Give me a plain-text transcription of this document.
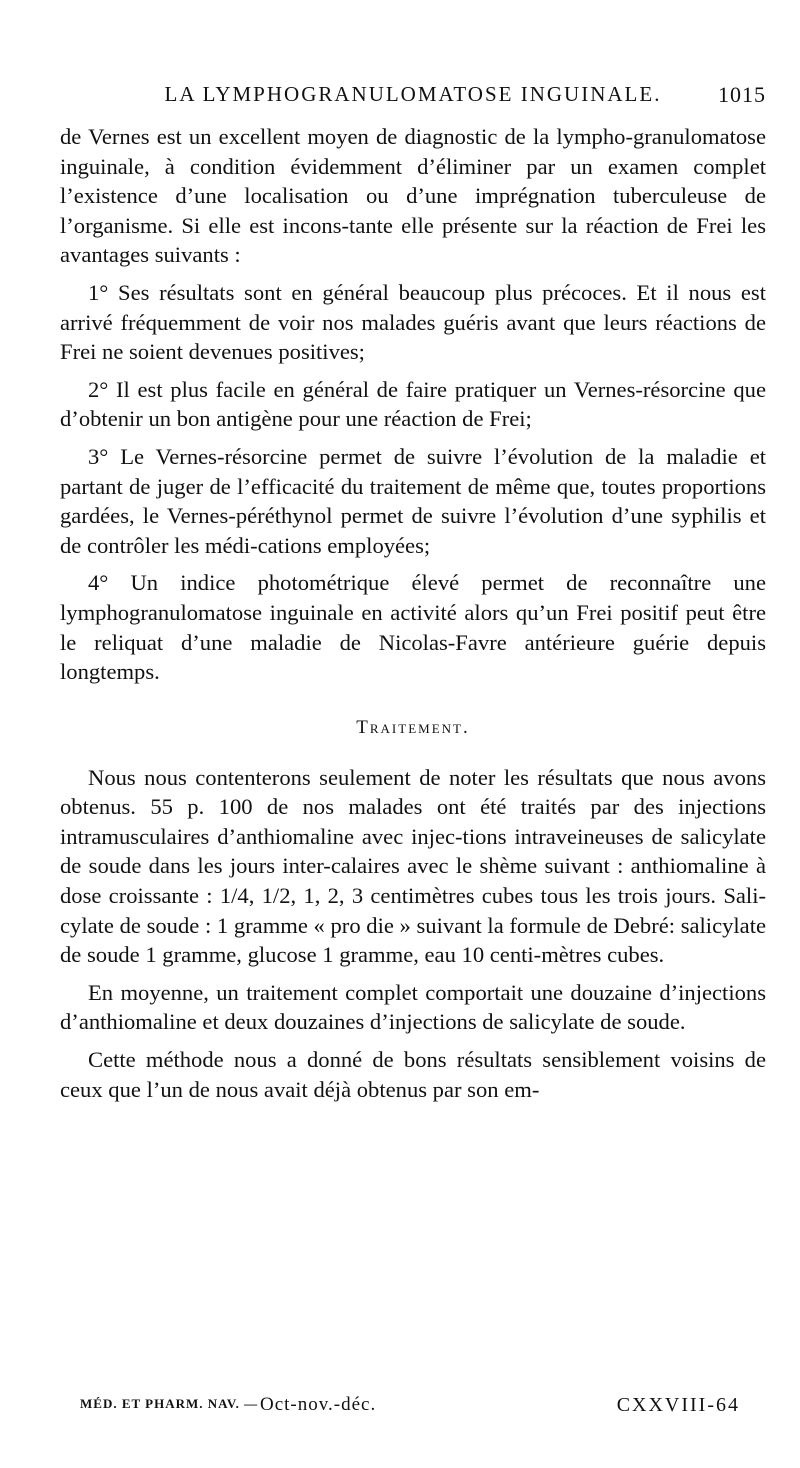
LA LYMPHOGRANULOMATOSE INGUINALE.	1015

de Vernes est un excellent moyen de diagnostic de la lympho-granulomatose inguinale, à condition évidemment d’éliminer par un examen complet l’existence d’une localisation ou d’une imprégnation tuberculeuse de l’organisme. Si elle est incons-tante elle présente sur la réaction de Frei les avantages suivants :

1° Ses résultats sont en général beaucoup plus précoces. Et il nous est arrivé fréquemment de voir nos malades guéris avant que leurs réactions de Frei ne soient devenues positives;

2° Il est plus facile en général de faire pratiquer un Vernes-résorcine que d’obtenir un bon antigène pour une réaction de Frei;

3° Le Vernes-résorcine permet de suivre l’évolution de la maladie et partant de juger de l’efficacité du traitement de même que, toutes proportions gardées, le Vernes-péréthynol permet de suivre l’évolution d’une syphilis et de contrôler les médi-cations employées;

4° Un indice photométrique élevé permet de reconnaître une lymphogranulomatose inguinale en activité alors qu’un Frei positif peut être le reliquat d’une maladie de Nicolas-Favre antérieure guérie depuis longtemps.

Traitement.

Nous nous contenterons seulement de noter les résultats que nous avons obtenus. 55 p. 100 de nos malades ont été traités par des injections intramusculaires d’anthiomaline avec injec-tions intraveineuses de salicylate de soude dans les jours inter-calaires avec le shème suivant : anthiomaline à dose croissante : 1/4, 1/2, 1, 2, 3 centimètres cubes tous les trois jours. Sali-cylate de soude : 1 gramme « pro die » suivant la formule de Debré: salicylate de soude 1 gramme, glucose 1 gramme, eau 10 centi-mètres cubes.

En moyenne, un traitement complet comportait une douzaine d’injections d’anthiomaline et deux douzaines d’injections de salicylate de soude.

Cette méthode nous a donné de bons résultats sensiblement voisins de ceux que l’un de nous avait déjà obtenus par son em-

MÉD. ET PHARM. NAV. — Oct-nov.-déc.	CXXVIII-64
